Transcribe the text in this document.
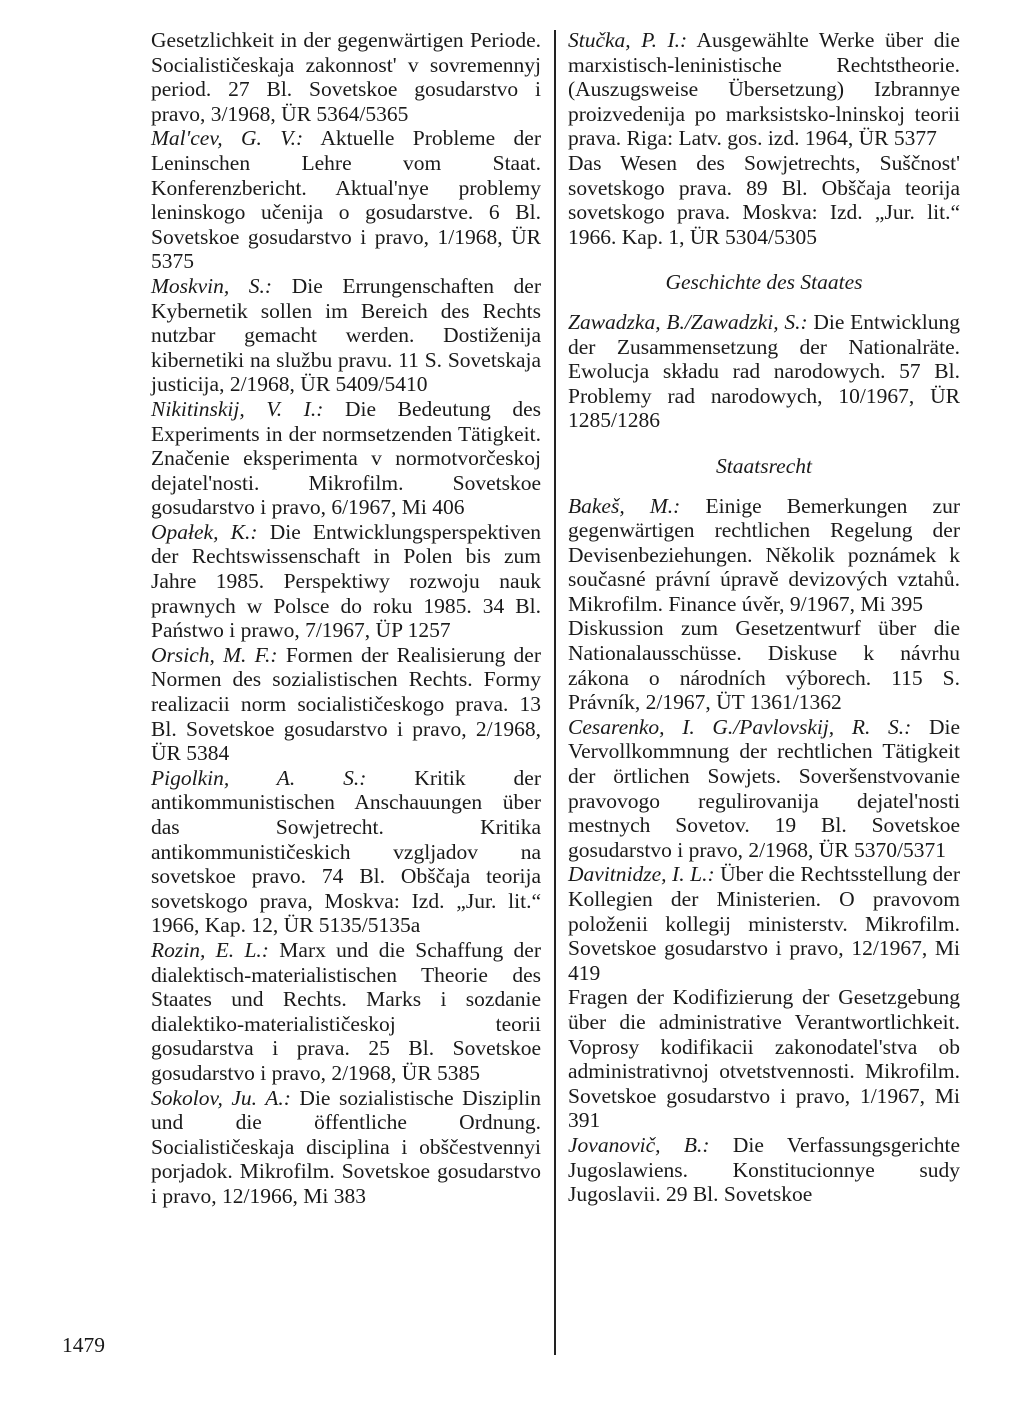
Gesetzlichkeit in der gegenwärtigen Periode. Socialističeskaja zakonnost' v sovremennyj period. 27 Bl. Sovetskoe gosudarstvo i pravo, 3/1968, ÜR 5364/5365

Mal'cev, G. V.: Aktuelle Probleme der Leninschen Lehre vom Staat. Konferenzbericht. Aktual'nye problemy leninskogo učenija o gosudarstve. 6 Bl. Sovetskoe gosudarstvo i pravo, 1/1968, ÜR 5375

Moskvin, S.: Die Errungenschaften der Kybernetik sollen im Bereich des Rechts nutzbar gemacht werden. Dostiženija kibernetiki na službu pravu. 11 S. Sovetskaja justicija, 2/1968, ÜR 5409/5410

Nikitinskij, V. I.: Die Bedeutung des Experiments in der normsetzenden Tätigkeit. Značenie eksperimenta v normotvorčeskoj dejatel'nosti. Mikrofilm. Sovetskoe gosudarstvo i pravo, 6/1967, Mi 406

Opałek, K.: Die Entwicklungsperspektiven der Rechtswissenschaft in Polen bis zum Jahre 1985. Perspektiwy rozwoju nauk prawnych w Polsce do roku 1985. 34 Bl. Państwo i prawo, 7/1967, ÜP 1257

Orsich, M. F.: Formen der Realisierung der Normen des sozialistischen Rechts. Formy realizacii norm socialističeskogo prava. 13 Bl. Sovetskoe gosudarstvo i pravo, 2/1968, ÜR 5384

Pigolkin, A. S.: Kritik der antikommunistischen Anschauungen über das Sowjetrecht. Kritika antikommunističeskich vzgljadov na sovetskoe pravo. 74 Bl. Obščaja teorija sovetskogo prava, Moskva: Izd. „Jur. lit.“ 1966, Kap. 12, ÜR 5135/5135a

Rozin, E. L.: Marx und die Schaffung der dialektisch-materialistischen Theorie des Staates und Rechts. Marks i sozdanie dialektiko-materialističeskoj teorii gosudarstva i prava. 25 Bl. Sovetskoe gosudarstvo i pravo, 2/1968, ÜR 5385

Sokolov, Ju. A.: Die sozialistische Disziplin und die öffentliche Ordnung. Socialističeskaja disciplina i obščestvennyi porjadok. Mikrofilm. Sovetskoe gosudarstvo i pravo, 12/1966, Mi 383

Stučka, P. I.: Ausgewählte Werke über die marxistisch-leninistische Rechtstheorie. (Auszugsweise Übersetzung) Izbrannye proizvedenija po marksistsko-lninskoj teorii prava. Riga: Latv. gos. izd. 1964, ÜR 5377

Das Wesen des Sowjetrechts, Suščnost' sovetskogo prava. 89 Bl. Obščaja teorija sovetskogo prava. Moskva: Izd. „Jur. lit.“ 1966. Kap. 1, ÜR 5304/5305

Geschichte des Staates

Zawadzka, B./Zawadzki, S.: Die Entwicklung der Zusammensetzung der Nationalräte. Ewolucja składu rad narodowych. 57 Bl. Problemy rad narodowych, 10/1967, ÜR 1285/1286

Staatsrecht

Bakeš, M.: Einige Bemerkungen zur gegenwärtigen rechtlichen Regelung der Devisenbeziehungen. Několik poznámek k současné právní úpravě devizových vztahů. Mikrofilm. Finance úvěr, 9/1967, Mi 395

Diskussion zum Gesetzentwurf über die Nationalausschüsse. Diskuse k návrhu zákona o národních výborech. 115 S. Právník, 2/1967, ÜT 1361/1362

Cesarenko, I. G./Pavlovskij, R. S.: Die Vervollkommnung der rechtlichen Tätigkeit der örtlichen Sowjets. Soveršenstvovanie pravovogo regulirovanija dejatel'nosti mestnych Sovetov. 19 Bl. Sovetskoe gosudarstvo i pravo, 2/1968, ÜR 5370/5371

Davitnidze, I. L.: Über die Rechtsstellung der Kollegien der Ministerien. O pravovom položenii kollegij ministerstv. Mikrofilm. Sovetskoe gosudarstvo i pravo, 12/1967, Mi 419

Fragen der Kodifizierung der Gesetzgebung über die administrative Verantwortlichkeit. Voprosy kodifikacii zakonodatel'stva ob administrativnoj otvetstvennosti. Mikrofilm. Sovetskoe gosudarstvo i pravo, 1/1967, Mi 391

Jovanovič, B.: Die Verfassungsgerichte Jugoslawiens. Konstitucionnye sudy Jugoslavii. 29 Bl. Sovetskoe

1479
